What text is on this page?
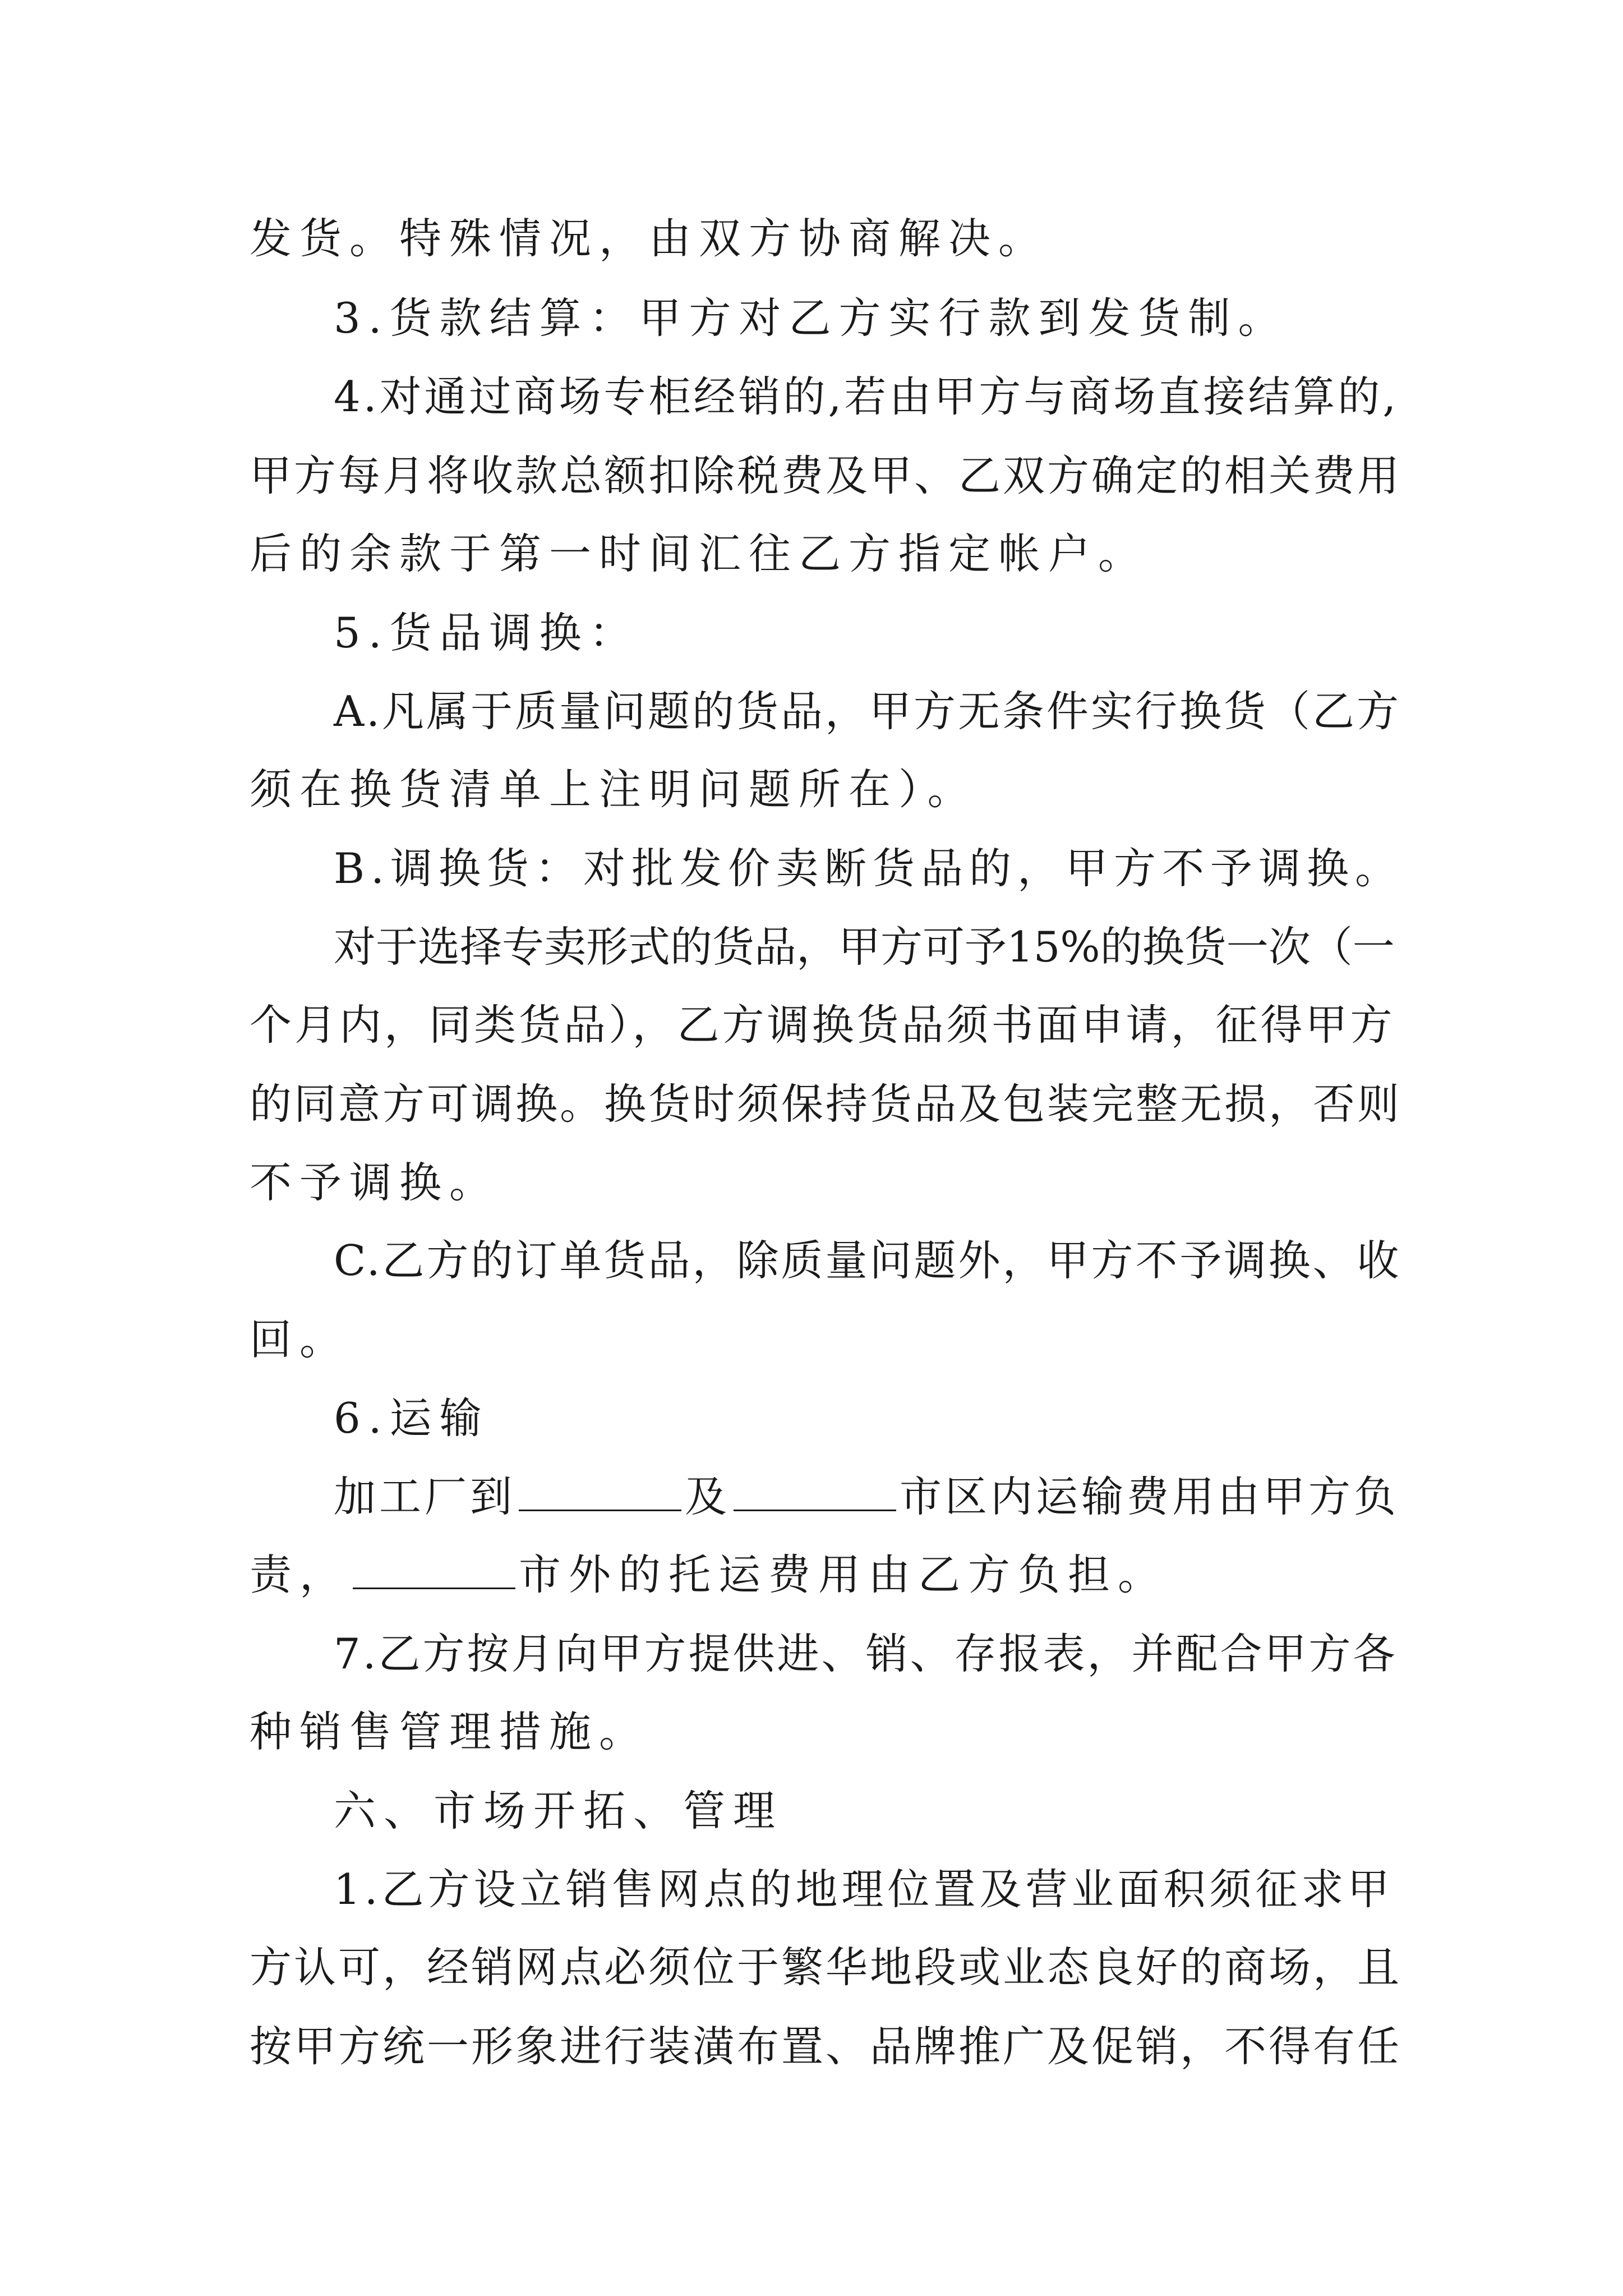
发货。特殊情况，由双方协商解决。
3.货款结算：甲方对乙方实行款到发货制。
4.对通过商场专柜经销的,若由甲方与商场直接结算的,
甲方每月将收款总额扣除税费及甲、乙双方确定的相关费用
后的余款于第一时间汇往乙方指定帐户。
5.货品调换：
A.凡属于质量问题的货品，甲方无条件实行换货（乙方
须在换货清单上注明问题所在）。
B.调换货：对批发价卖断货品的，甲方不予调换。
对于选择专卖形式的货品，甲方可予15%的换货一次（一
个月内，同类货品），乙方调换货品须书面申请，征得甲方
的同意方可调换。换货时须保持货品及包装完整无损，否则
不予调换。
C.乙方的订单货品，除质量问题外，甲方不予调换、收
回。
6.运输
加工厂到	及	市区内运输费用由甲方负
责，	市外的托运费用由乙方负担。
7.乙方按月向甲方提供进、销、存报表，并配合甲方各
种销售管理措施。
六、市场开拓、管理
1.乙方设立销售网点的地理位置及营业面积须征求甲
方认可，经销网点必须位于繁华地段或业态良好的商场，且
按甲方统一形象进行装潢布置、品牌推广及促销，不得有任
